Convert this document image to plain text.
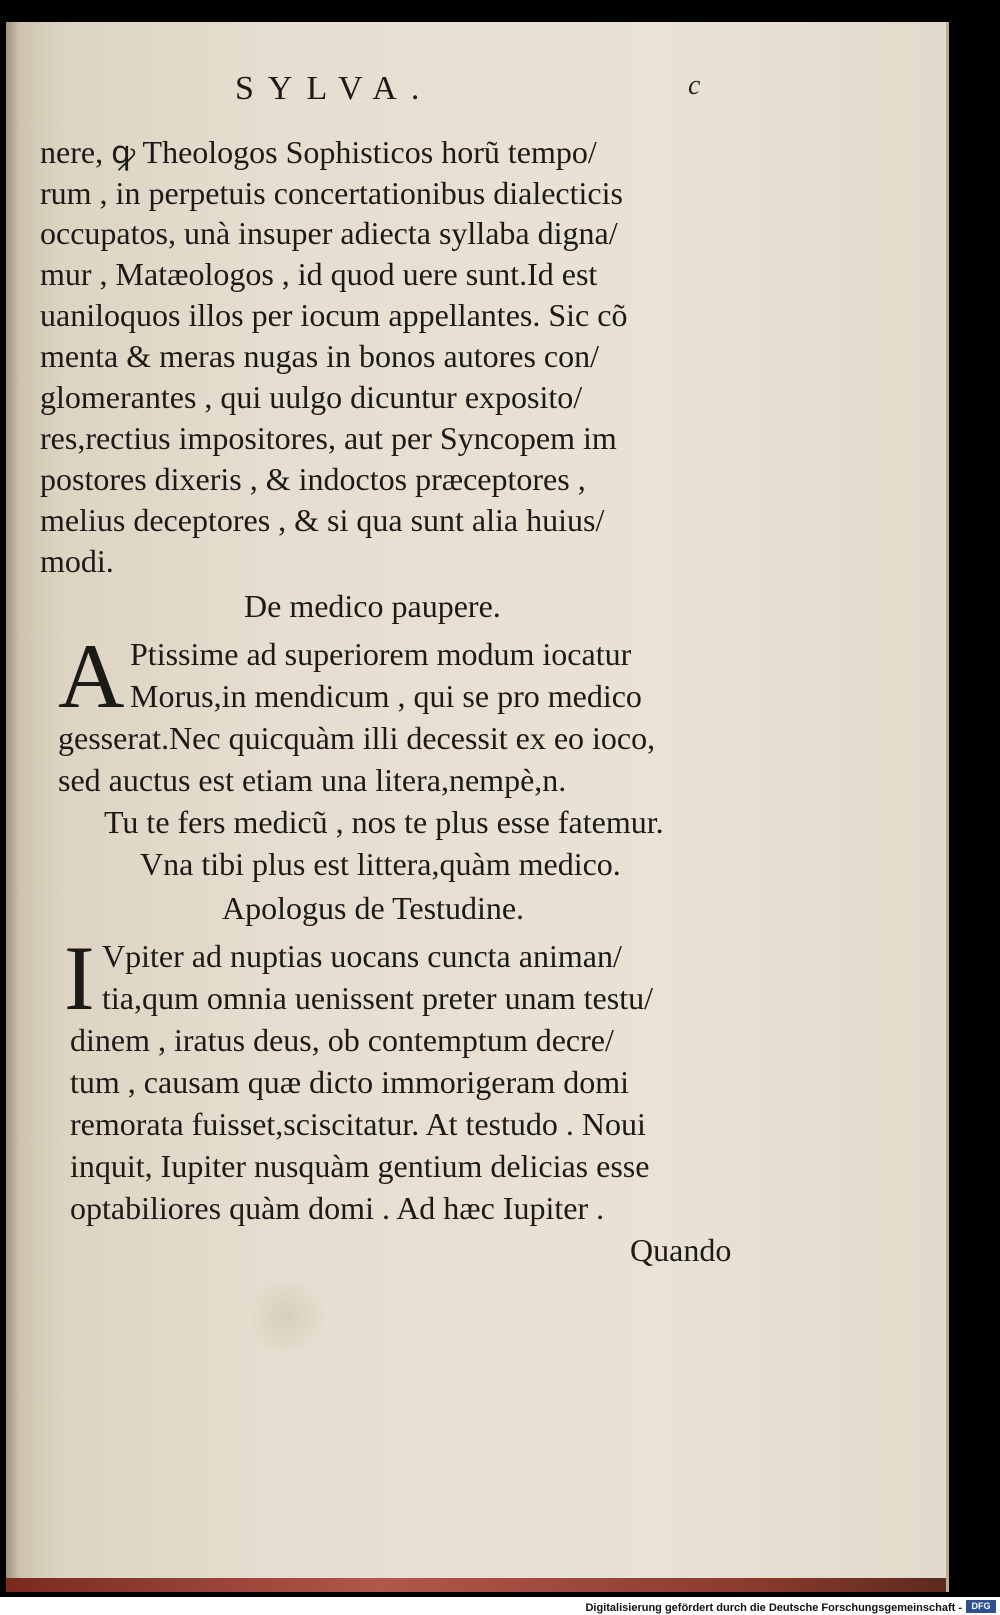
SYLVA.	c
nere, ꝙ Theologos Sophisticos horũ tempo/
rum , in perpetuis concertationibus dialecticis
occupatos, unà insuper adiecta syllaba digna/
mur , Matæologos , id quod uere sunt.Id est
uaniloquos illos per iocum appellantes. Sic cõ
menta & meras nugas in bonos autores con/
glomerantes , qui uulgo dicuntur exposito/
res,rectius impositores, aut per Syncopem im
postores dixeris , & indoctos præceptores ,
melius deceptores , & si qua sunt alia huius/
modi.
De medico paupere.
A Ptissime ad superiorem modum iocatur
Morus,in mendicum , qui se pro medico
gesserat.Nec quicquàm illi decessit ex eo ioco,
sed auctus est etiam una litera,nempè,n.
Tu te fers medicũ , nos te plus esse fatemur.
Vna tibi plus est littera,quàm medico.
Apologus de Testudine.
I Vpiter ad nuptias uocans cuncta animan/
tia,qum omnia uenissent preter unam testu/
dinem , iratus deus, ob contemptum decre/
tum , causam quæ dicto immorigeram domi
remorata fuisset,sciscitatur. At testudo . Noui
inquit, Iupiter nusquàm gentium delicias esse
optabiliores quàm domi . Ad hæc Iupiter .
Quando
Digitalisierung gefördert durch die Deutsche Forschungsgemeinschaft -	DFG
